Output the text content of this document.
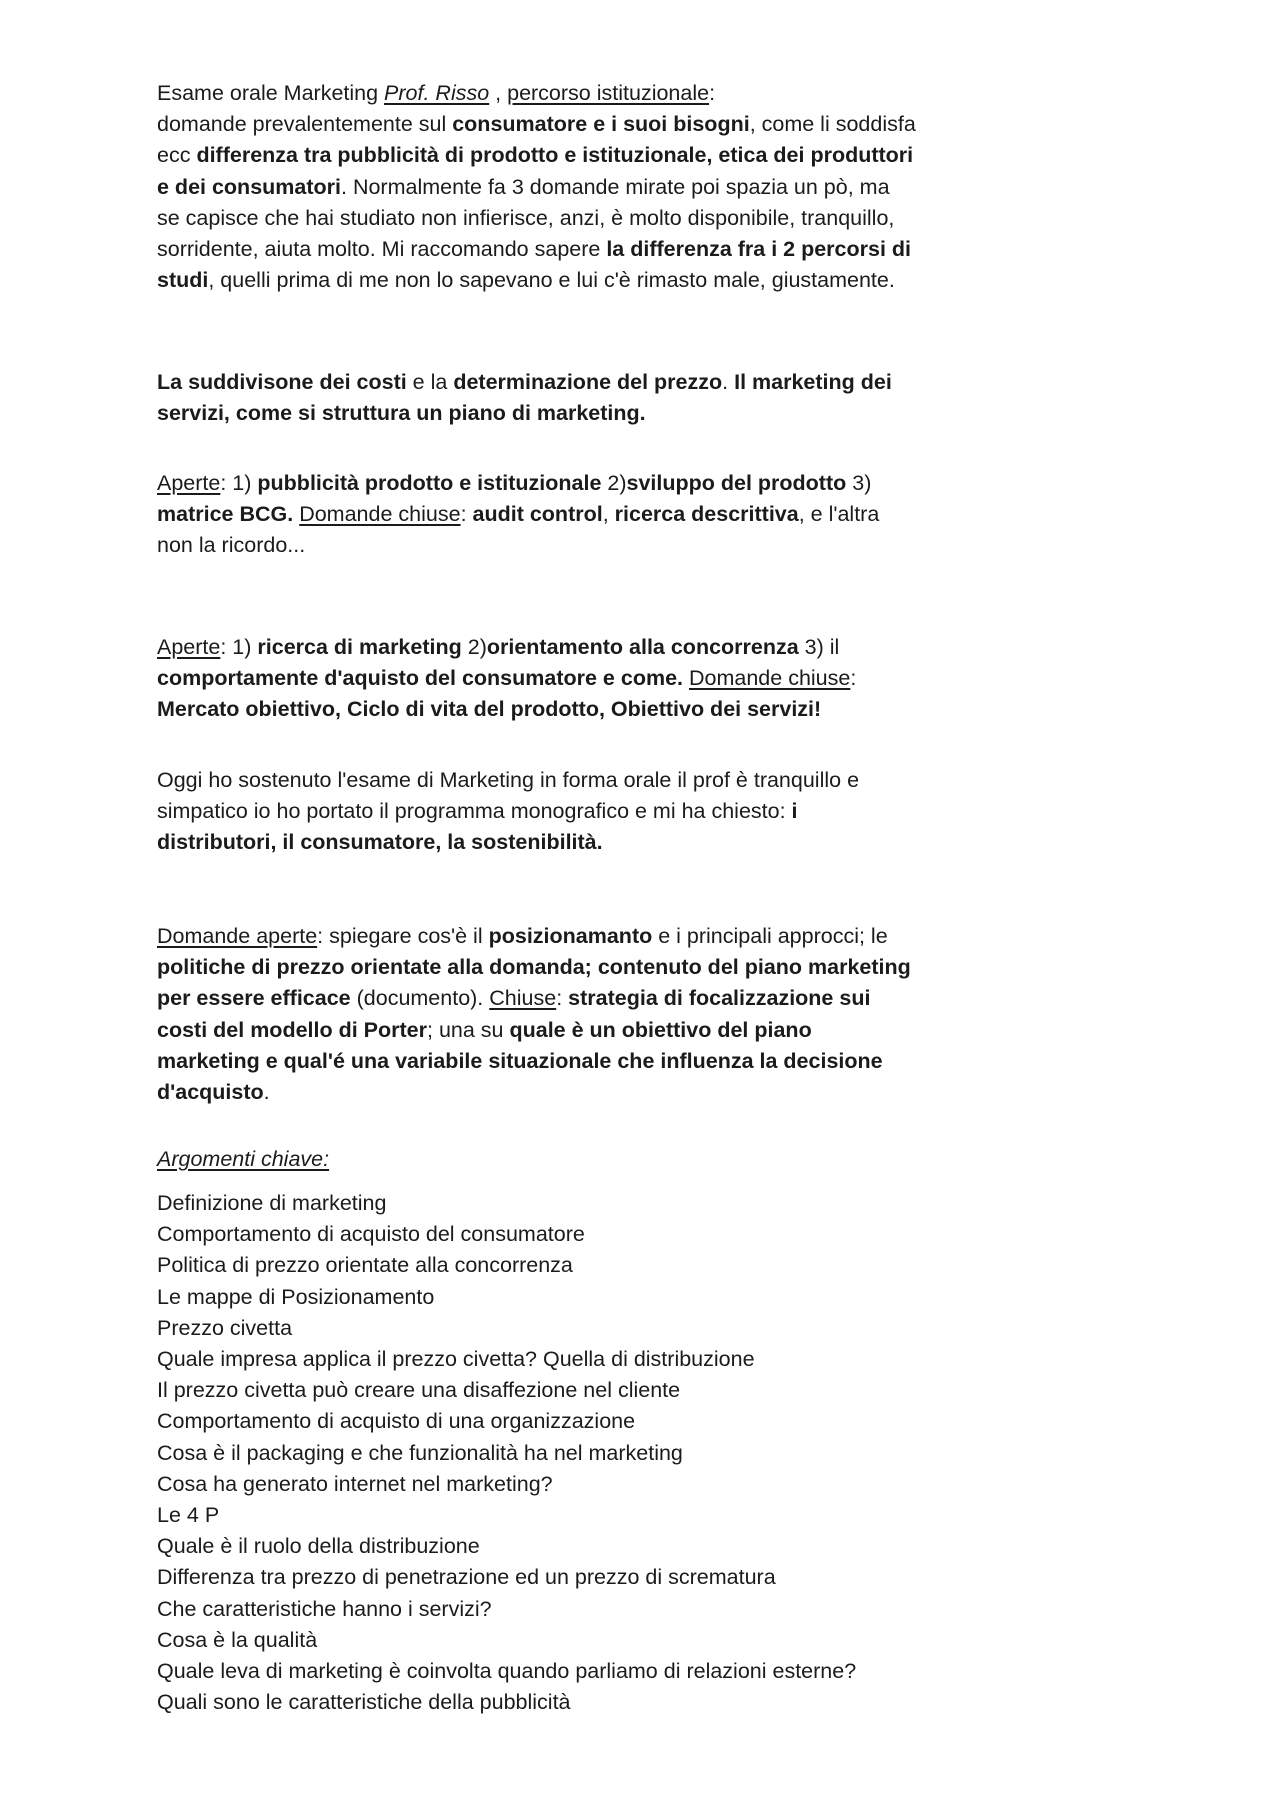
Esame orale Marketing Prof. Risso , percorso istituzionale:
domande prevalentemente sul consumatore e i suoi bisogni, come li soddisfa ecc differenza tra pubblicità di prodotto e istituzionale, etica dei produttori e dei consumatori. Normalmente fa 3 domande mirate poi spazia un pò, ma se capisce che hai studiato non infierisce, anzi, è molto disponibile, tranquillo, sorridente, aiuta molto. Mi raccomando sapere la differenza fra i 2 percorsi di studi, quelli prima di me non lo sapevano e lui c'è rimasto male, giustamente.

La suddivisone dei costi e la determinazione del prezzo. Il marketing dei servizi, come si struttura un piano di marketing.

Aperte: 1) pubblicità prodotto e istituzionale 2)sviluppo del prodotto 3) matrice BCG. Domande chiuse: audit control, ricerca descrittiva, e l'altra non la ricordo...

Aperte: 1) ricerca di marketing 2)orientamento alla concorrenza 3) il comportamente d'aquisto del consumatore e come. Domande chiuse: Mercato obiettivo, Ciclo di vita del prodotto, Obiettivo dei servizi!

Oggi ho sostenuto l'esame di Marketing in forma orale il prof è tranquillo e simpatico io ho portato il programma monografico e mi ha chiesto: i distributori, il consumatore, la sostenibilità.

Domande aperte: spiegare cos'è il posizionamanto e i principali approcci; le politiche di prezzo orientate alla domanda; contenuto del piano marketing per essere efficace (documento). Chiuse: strategia di focalizzazione sui costi del modello di Porter; una su quale è un obiettivo del piano marketing e qual'é una variabile situazionale che influenza la decisione d'acquisto.

Argomenti chiave:
Definizione di marketing
Comportamento di acquisto del consumatore
Politica di prezzo orientate alla concorrenza
Le mappe di Posizionamento
Prezzo civetta
Quale impresa applica il prezzo civetta? Quella di distribuzione
Il prezzo civetta può creare una disaffezione nel cliente
Comportamento di acquisto di una organizzazione
Cosa è il packaging e che funzionalità ha nel marketing
Cosa ha generato internet nel marketing?
Le 4 P
Quale è il ruolo della distribuzione
Differenza tra prezzo di penetrazione ed un prezzo di scrematura
Che caratteristiche hanno i servizi?
Cosa è la qualità
Quale leva di marketing è coinvolta quando parliamo di relazioni esterne?
Quali sono le caratteristiche della pubblicità
